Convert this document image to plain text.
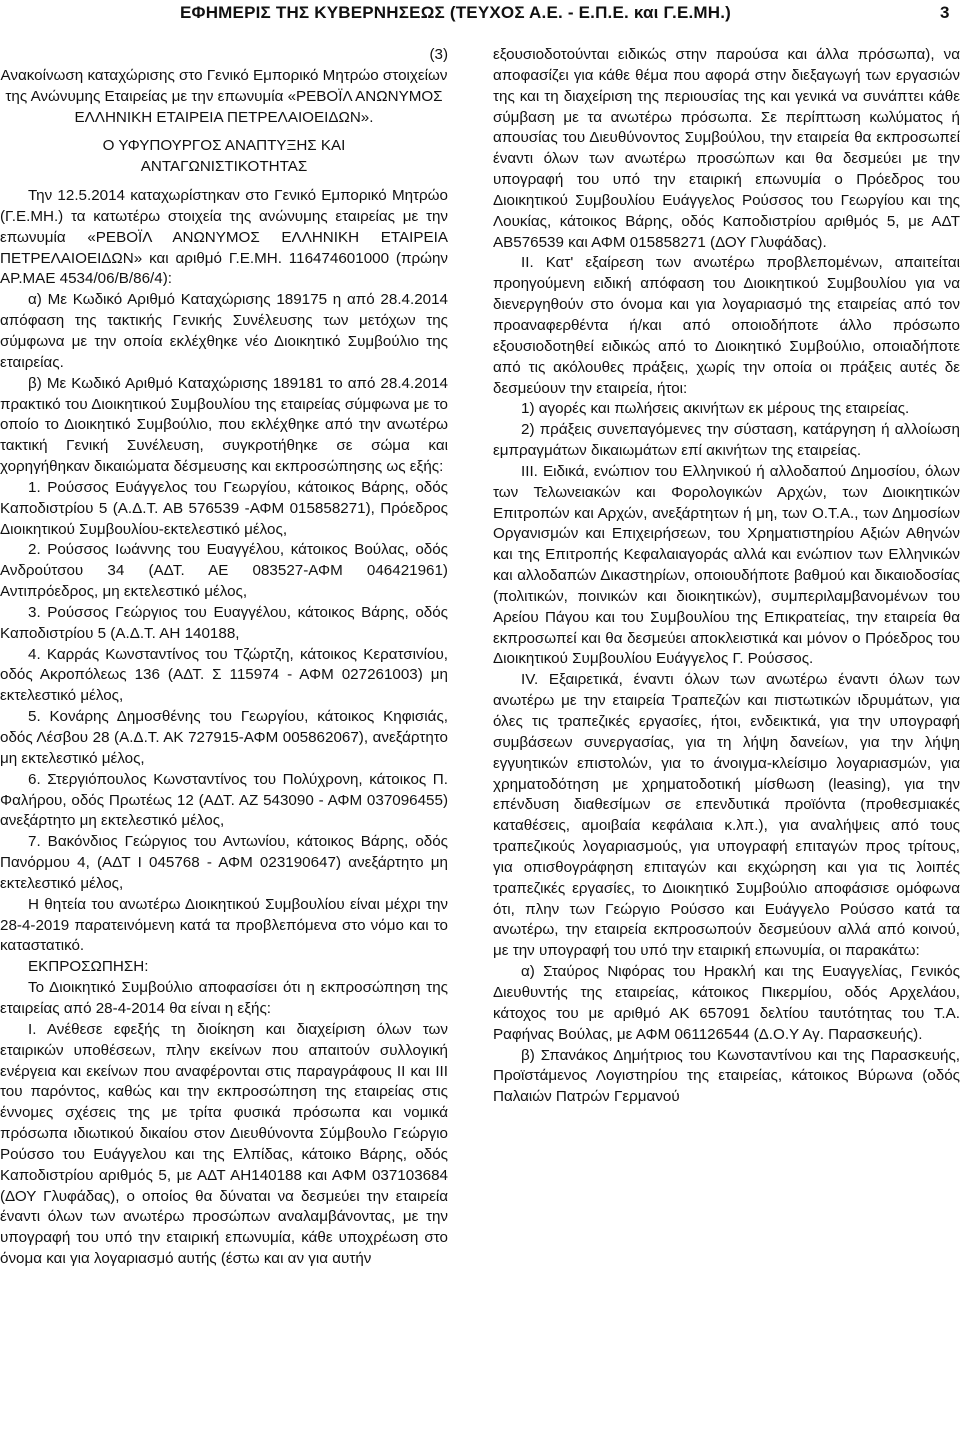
ΕΦΗΜΕΡΙΣ ΤΗΣ ΚΥΒΕΡΝΗΣΕΩΣ (ΤΕΥΧΟΣ Α.Ε. - Ε.Π.Ε. και Γ.Ε.ΜΗ.)	3

(3)

Ανακοίνωση καταχώρισης στο Γενικό Εμπορικό Μητρώο στοιχείων της Ανώνυμης Εταιρείας με την επωνυμία «ΡΕΒΟΪΛ ΑΝΩΝΥΜΟΣ ΕΛΛΗΝΙΚΗ ΕΤΑΙΡΕΙΑ ΠΕΤΡΕΛΑΙΟΕΙΔΩΝ».

Ο ΥΦΥΠΟΥΡΓΟΣ ΑΝΑΠΤΥΞΗΣ ΚΑΙ

ΑΝΤΑΓΩΝΙΣΤΙΚΟΤΗΤΑΣ

Την 12.5.2014 καταχωρίστηκαν στο Γενικό Εμπορικό Μητρώο (Γ.Ε.ΜΗ.) τα κατωτέρω στοιχεία της ανώνυμης εταιρείας με την επωνυμία «ΡΕΒΟΪΛ ΑΝΩΝΥΜΟΣ ΕΛΛΗΝΙΚΗ ΕΤΑΙΡΕΙΑ ΠΕΤΡΕΛΑΙΟΕΙΔΩΝ» και αριθμό Γ.Ε.ΜΗ. 116474601000 (πρώην ΑΡ.ΜΑΕ 4534/06/Β/86/4):

α) Με Κωδικό Αριθμό Καταχώρισης 189175 η από 28.4.2014 απόφαση της τακτικής Γενικής Συνέλευσης των μετόχων της σύμφωνα με την οποία εκλέχθηκε νέο Διοικητικό Συμβούλιο της εταιρείας.

β) Με Κωδικό Αριθμό Καταχώρισης 189181 το από 28.4.2014 πρακτικό του Διοικητικού Συμβουλίου της εταιρείας σύμφωνα με το οποίο το Διοικητικό Συμβούλιο, που εκλέχθηκε από την ανωτέρω τακτική Γενική Συνέλευση, συγκροτήθηκε σε σώμα και χορηγήθηκαν δικαιώματα δέσμευσης και εκπροσώπησης ως εξής:

1. Ρούσσος Ευάγγελος του Γεωργίου, κάτοικος Βάρης, οδός Καποδιστρίου 5 (Α.Δ.Τ. ΑΒ 576539 -ΑΦΜ 015858271), Πρόεδρος Διοικητικού Συμβουλίου-εκτελεστικό μέλος,

2. Ρούσσος Ιωάννης του Ευαγγέλου, κάτοικος Βούλας, οδός Ανδρούτσου 34 (ΑΔΤ. ΑΕ 083527-ΑΦΜ 046421961) Αντιπρόεδρος, μη εκτελεστικό μέλος,

3. Ρούσσος Γεώργιος του Ευαγγέλου, κάτοικος Βάρης, οδός Καποδιστρίου 5 (Α.Δ.Τ. ΑΗ 140188,

4. Καρράς Κωνσταντίνος του Τζώρτζη, κάτοικος Κερατσινίου, οδός Ακροπόλεως 136 (ΑΔΤ. Σ 115974 - ΑΦΜ 027261003) μη εκτελεστικό μέλος,

5. Κονάρης Δημοσθένης του Γεωργίου, κάτοικος Κηφισιάς, οδός Λέσβου 28 (Α.Δ.Τ. ΑΚ 727915-ΑΦΜ 005862067), ανεξάρτητο μη εκτελεστικό μέλος,

6. Στεργιόπουλος Κωνσταντίνος του Πολύχρονη, κάτοικος Π. Φαλήρου, οδός Πρωτέως 12 (ΑΔΤ. ΑΖ 543090 - ΑΦΜ 037096455) ανεξάρτητο μη εκτελεστικό μέλος,

7. Βακόνδιος Γεώργιος του Αντωνίου, κάτοικος Βάρης, οδός Πανόρμου 4, (ΑΔΤ Ι 045768 - ΑΦΜ 023190647) ανεξάρτητο μη εκτελεστικό μέλος,

Η θητεία του ανωτέρω Διοικητικού Συμβουλίου είναι μέχρι την 28-4-2019 παρατεινόμενη κατά τα προβλεπόμενα στο νόμο και το καταστατικό.

ΕΚΠΡΟΣΩΠΗΣΗ:

Το Διοικητικό Συμβούλιο αποφασίσει ότι η εκπροσώπηση της εταιρείας από 28-4-2014 θα είναι η εξής:

Ι. Ανέθεσε εφεξής τη διοίκηση και διαχείριση όλων των εταιρικών υποθέσεων, πλην εκείνων που απαιτούν συλλογική ενέργεια και εκείνων που αναφέρονται στις παραγράφους ΙΙ και ΙΙΙ του παρόντος, καθώς και την εκπροσώπηση της εταιρείας στις έννομες σχέσεις της με τρίτα φυσικά πρόσωπα και νομικά πρόσωπα ιδιωτικού δικαίου στον Διευθύνοντα Σύμβουλο Γεώργιο Ρούσσο του Ευάγγελου και της Ελπίδας, κάτοικο Βάρης, οδός Καποδιστρίου αριθμός 5, με ΑΔΤ ΑΗ140188 και ΑΦΜ 037103684 (ΔΟΥ Γλυφάδας), ο οποίος θα δύναται να δεσμεύει την εταιρεία έναντι όλων των ανωτέρω προσώπων αναλαμβάνοντας, με την υπογραφή του υπό την εταιρική επωνυμία, κάθε υποχρέωση στο όνομα και για λογαριασμό αυτής (έστω και αν για αυτήν

εξουσιοδοτούνται ειδικώς στην παρούσα και άλλα πρόσωπα), να αποφασίζει για κάθε θέμα που αφορά στην διεξαγωγή των εργασιών της και τη διαχείριση της περιουσίας της και γενικά να συνάπτει κάθε σύμβαση με τα ανωτέρω πρόσωπα. Σε περίπτωση κωλύματος ή απουσίας του Διευθύνοντος Συμβούλου, την εταιρεία θα εκπροσωπεί έναντι όλων των ανωτέρω προσώπων και θα δεσμεύει με την υπογραφή του υπό την εταιρική επωνυμία ο Πρόεδρος του Διοικητικού Συμβουλίου Ευάγγελος Ρούσσος του Γεωργίου και της Λουκίας, κάτοικος Βάρης, οδός Καποδιστρίου αριθμός 5, με ΑΔΤ ΑΒ576539 και ΑΦΜ 015858271 (ΔΟΥ Γλυφάδας).

ΙΙ. Κατ' εξαίρεση των ανωτέρω προβλεπομένων, απαιτείται προηγούμενη ειδική απόφαση του Διοικητικού Συμβουλίου για να διενεργηθούν στο όνομα και για λογαριασμό της εταιρείας από τον προαναφερθέντα ή/και από οποιοδήποτε άλλο πρόσωπο εξουσιοδοτηθεί ειδικώς από το Διοικητικό Συμβούλιο, οποιαδήποτε από τις ακόλουθες πράξεις, χωρίς την οποία οι πράξεις αυτές δε δεσμεύουν την εταιρεία, ήτοι:

1) αγορές και πωλήσεις ακινήτων εκ μέρους της εταιρείας.

2) πράξεις συνεπαγόμενες την σύσταση, κατάργηση ή αλλοίωση εμπραγμάτων δικαιωμάτων επί ακινήτων της εταιρείας.

ΙΙΙ. Ειδικά, ενώπιον του Ελληνικού ή αλλοδαπού Δημοσίου, όλων των Τελωνειακών και Φορολογικών Αρχών, των Διοικητικών Επιτροπών και Αρχών, ανεξάρτητων ή μη, των Ο.Τ.Α., των Δημοσίων Οργανισμών και Επιχειρήσεων, του Χρηματιστηρίου Αξιών Αθηνών και της Επιτροπής Κεφαλαιαγοράς αλλά και ενώπιον των Ελληνικών και αλλοδαπών Δικαστηρίων, οποιουδήποτε βαθμού και δικαιοδοσίας (πολιτικών, ποινικών και διοικητικών), συμπεριλαμβανομένων του Αρείου Πάγου και του Συμβουλίου της Επικρατείας, την εταιρεία θα εκπροσωπεί και θα δεσμεύει αποκλειστικά και μόνον ο Πρόεδρος του Διοικητικού Συμβουλίου Ευάγγελος Γ. Ρούσσος.

ΙV. Εξαιρετικά, έναντι όλων των ανωτέρω έναντι όλων των ανωτέρω με την εταιρεία Τραπεζών και πιστωτικών ιδρυμάτων, για όλες τις τραπεζικές εργασίες, ήτοι, ενδεικτικά, για την υπογραφή συμβάσεων συνεργασίας, για τη λήψη δανείων, για την λήψη εγγυητικών επιστολών, για το άνοιγμα-κλείσιμο λογαριασμών, για χρηματοδότηση με χρηματοδοτική μίσθωση (leasing), για την επένδυση διαθεσίμων σε επενδυτικά προϊόντα (προθεσμιακές καταθέσεις, αμοιβαία κεφάλαια κ.λπ.), για αναλήψεις από τους τραπεζικούς λογαριασμούς, για υπογραφή επιταγών προς τρίτους, για οπισθογράφηση επιταγών και εκχώρηση και για τις λοιπές τραπεζικές εργασίες, το Διοικητικό Συμβούλιο αποφάσισε ομόφωνα ότι, πλην των Γεώργιο Ρούσσο και Ευάγγελο Ρούσσο κατά τα ανωτέρω, την εταιρεία εκπροσωπούν δεσμεύουν αλλά από κοινού, με την υπογραφή του υπό την εταιρική επωνυμία, οι παρακάτω:

α) Σταύρος Νιφόρας του Ηρακλή και της Ευαγγελίας, Γενικός Διευθυντής της εταιρείας, κάτοικος Πικερμίου, οδός Αρχελάου, κάτοχος του με αριθμό ΑΚ 657091 δελτίου ταυτότητας του Τ.Α. Ραφήνας Βούλας, με ΑΦΜ 061126544 (Δ.Ο.Υ Αγ. Παρασκευής).

β) Σπανάκος Δημήτριος του Κωνσταντίνου και της Παρασκευής, Προϊστάμενος Λογιστηρίου της εταιρείας, κάτοικος Βύρωνα (οδός Παλαιών Πατρών Γερμανού
